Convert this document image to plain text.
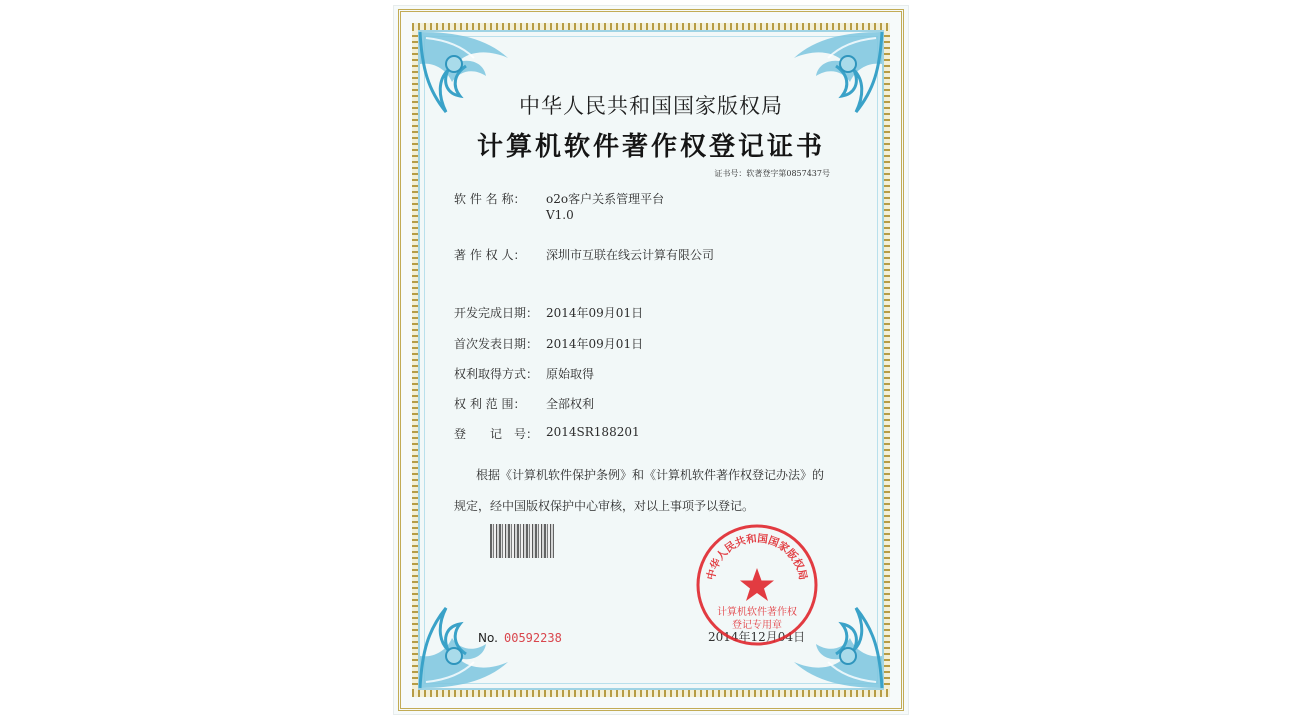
中华人民共和国国家版权局
计算机软件著作权登记证书
证书号：软著登字第0857437号
软 件 名 称： o2o客户关系管理平台
V1.0
著 作 权 人： 深圳市互联在线云计算有限公司
开发完成日期： 2014年09月01日
首次发表日期： 2014年09月01日
权利取得方式： 原始取得
权 利 范 围： 全部权利
登　　记　号： 2014SR188201
根据《计算机软件保护条例》和《计算机软件著作权登记办法》的
规定，经中国版权保护中心审核，对以上事项予以登记。
No. 00592238	2014年12月04日
中华人民共和国国家版权局
计算机软件著作权
登记专用章
